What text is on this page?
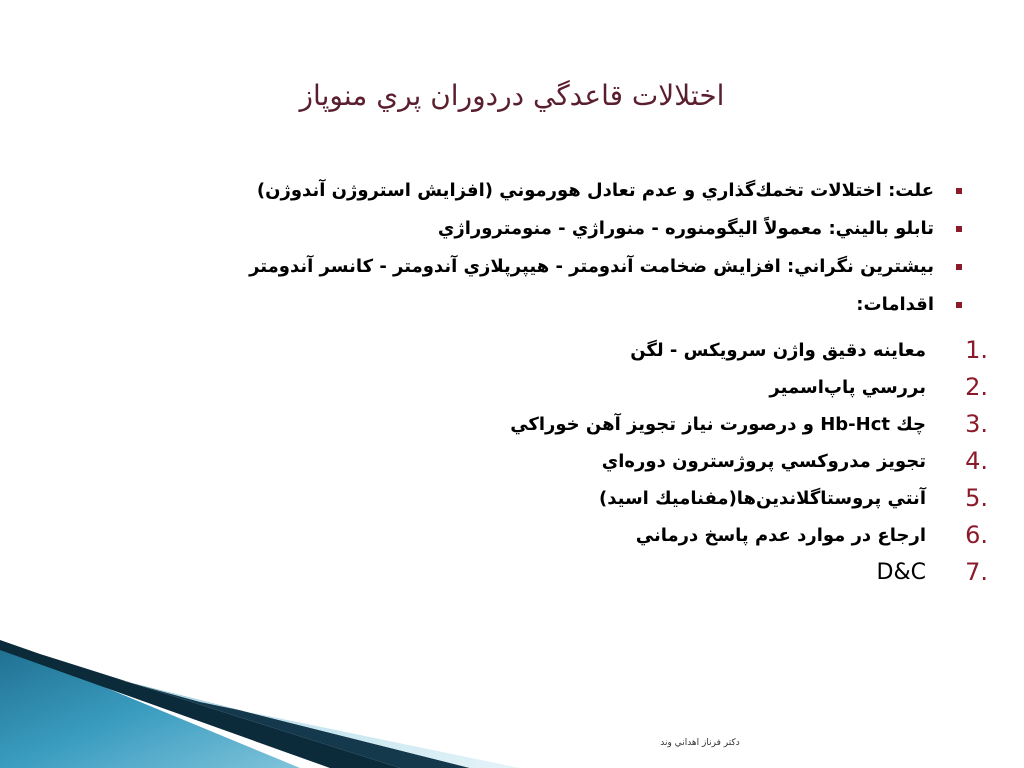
اختلالات قاعدگي دردوران پري منوپاز
علت: اختلالات تخمك‌گذاري و عدم تعادل هورموني (افزايش استروژن آندوژن)
تابلو باليني: معمولاً اليگومنوره - منوراژي - منومتروراژي
بيشترين نگراني: افزايش ضخامت آندومتر - هيپرپلازي آندومتر - كانسر آندومتر
اقدامات:
1.
معاينه دقيق واژن سرويكس - لگن
2.
بررسي پاپ‌اسمير
3.
چك Hb-Hct و درصورت نياز تجويز آهن خوراكي
4.
تجويز مدروكسي پروژسترون دوره‌اي
5.
آنتي پروستاگلاندين‌ها(مفناميك اسيد)
6.
ارجاع در موارد عدم پاسخ درماني
7.
D&C
دكتر فرناز اهداني وند
